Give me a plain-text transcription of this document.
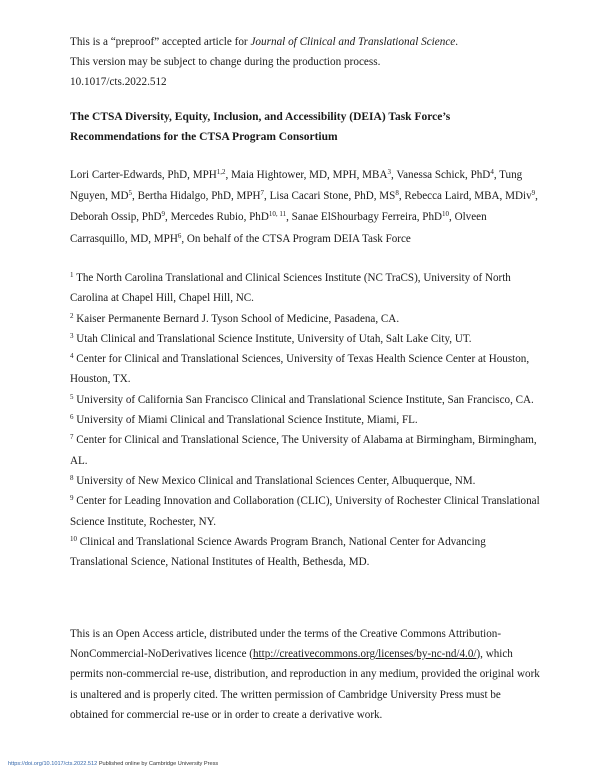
This is a “preproof” accepted article for Journal of Clinical and Translational Science.
This version may be subject to change during the production process.
10.1017/cts.2022.512
The CTSA Diversity, Equity, Inclusion, and Accessibility (DEIA) Task Force’s
Recommendations for the CTSA Program Consortium
Lori Carter-Edwards, PhD, MPH$^{1,2}$, Maia Hightower, MD, MPH, MBA$^3$, Vanessa Schick, PhD$^4$, Tung Nguyen, $MD^5$, Bertha Hidalgo, PhD, MPH$^7$, Lisa Cacari Stone, PhD, $MS^8$, Rebecca Laird, MBA, MDiv$^9$, Deborah Ossip, PhD$^9$, Mercedes Rubio, PhD$^{10, 11}$, Sanae ElShourbagy Ferreira, PhD$^{10}$, Olveen Carrasquillo, MD, MPH$^6$, On behalf of the CTSA Program DEIA Task Force
$^1$ The North Carolina Translational and Clinical Sciences Institute (NC TraCS), University of North Carolina at Chapel Hill, Chapel Hill, NC.
$^2$ Kaiser Permanente Bernard J. Tyson School of Medicine, Pasadena, CA.
$^3$ Utah Clinical and Translational Science Institute, University of Utah, Salt Lake City, UT.
$^4$ Center for Clinical and Translational Sciences, University of Texas Health Science Center at Houston, Houston, TX.
$^5$ University of California San Francisco Clinical and Translational Science Institute, San Francisco, CA.
$^6$ University of Miami Clinical and Translational Science Institute, Miami, FL.
$^7$ Center for Clinical and Translational Science, The University of Alabama at Birmingham, Birmingham, AL.
$^8$ University of New Mexico Clinical and Translational Sciences Center, Albuquerque, NM.
$^9$ Center for Leading Innovation and Collaboration (CLIC), University of Rochester Clinical Translational Science Institute, Rochester, NY.
$^{10}$ Clinical and Translational Science Awards Program Branch, National Center for Advancing Translational Science, National Institutes of Health, Bethesda, MD.
This is an Open Access article, distributed under the terms of the Creative Commons Attribution-NonCommercial-NoDerivatives licence (http://creativecommons.org/licenses/by-nc-nd/4.0/), which permits non-commercial re-use, distribution, and reproduction in any medium, provided the original work is unaltered and is properly cited. The written permission of Cambridge University Press must be obtained for commercial re-use or in order to create a derivative work.
https://doi.org/10.1017/cts.2022.512 Published online by Cambridge University Press
